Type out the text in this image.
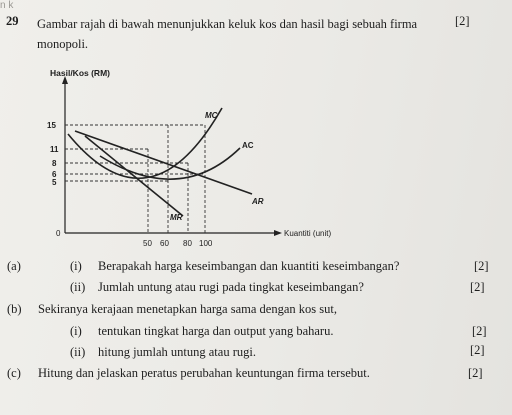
n k
29 Gambar rajah di bawah menunjukkan keluk kos dan hasil bagi sebuah firma monopoli.
[2]
Hasil/Kos (RM)
Kuantiti (unit)
0
15
11
8
6
5
50 60 80 100
MC
AC
AR
MR
(a)	(i) Berapakah harga keseimbangan dan kuantiti keseimbangan?	[2]
(ii) Jumlah untung atau rugi pada tingkat keseimbangan?	[2]
(b) Sekiranya kerajaan menetapkan harga sama dengan kos sut,
(i) tentukan tingkat harga dan output yang baharu.	[2]
(ii) hitung jumlah untung atau rugi.	[2]
(c) Hitung dan jelaskan peratus perubahan keuntungan firma tersebut.	[2]
